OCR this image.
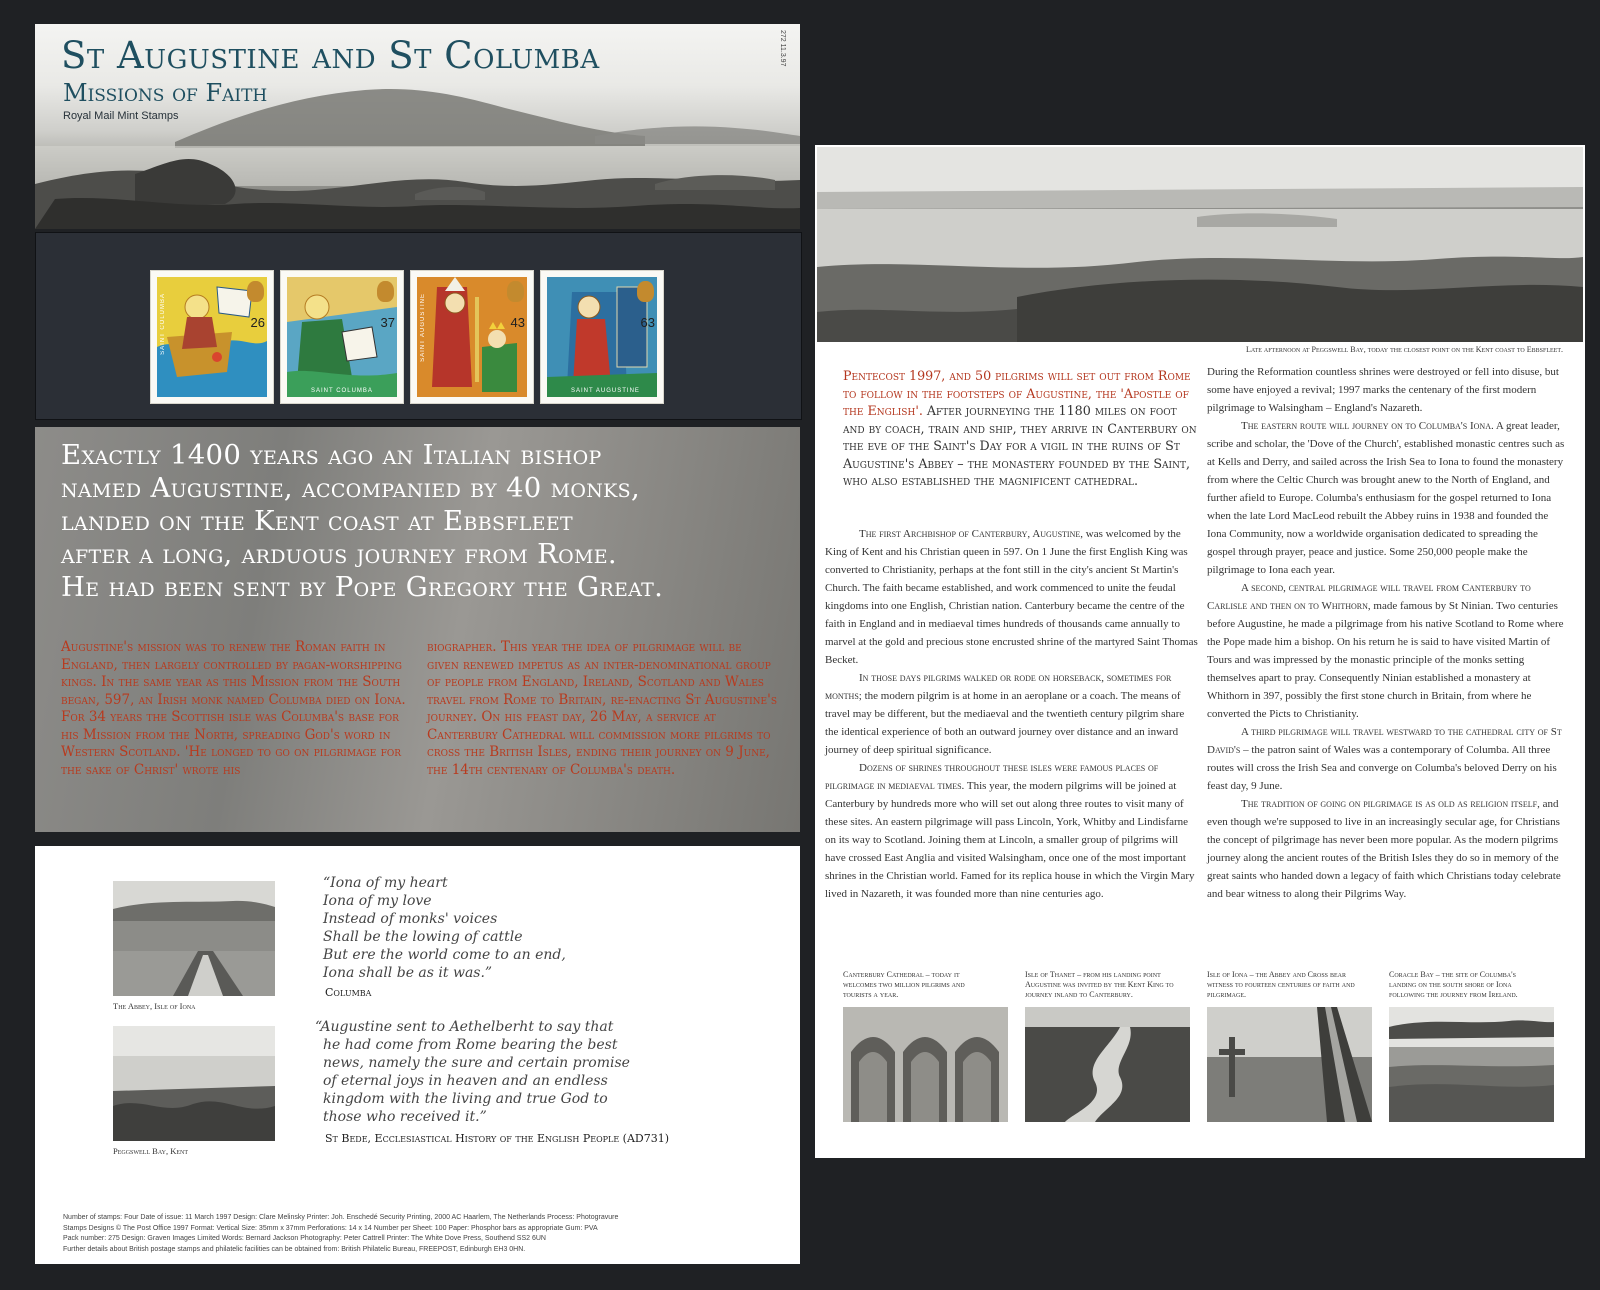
St Augustine and St Columba
Missions of Faith
Royal Mail Mint Stamps
272 11.3.97
26
SAINT COLUMBA	37
SAINT COLUMBA
43
SAINT AUGUSTINE	63
SAINT AUGUSTINE
Exactly 1400 years ago an Italian bishop
named Augustine, accompanied by 40 monks,
landed on the Kent coast at Ebbsfleet
after a long, arduous journey from Rome.
He had been sent by Pope Gregory the Great.

Augustine's mission was to renew the Roman faith in England, then largely controlled by pagan-worshipping kings. In the same year as this Mission from the South began, 597, an Irish monk named Columba died on Iona. For 34 years the Scottish isle was Columba's base for his Mission from the North, spreading God's word in Western Scotland. 'He longed to go on pilgrimage for the sake of Christ' wrote his

biographer. This year the idea of pilgrimage will be given renewed impetus as an inter-denominational group of people from England, Ireland, Scotland and Wales travel from Rome to Britain, re-enacting St Augustine's journey. On his feast day, 26 May, a service at Canterbury Cathedral will commission more pilgrims to cross the British Isles, ending their journey on 9 June, the 14th centenary of Columba's death.

The Abbey, Isle of Iona

“Iona of my heart
Iona of my love
Instead of monks' voices
Shall be the lowing of cattle
But ere the world come to an end,
Iona shall be as it was.”

Columba
Peggswell Bay, Kent

“Augustine sent to Aethelberht to say that
he had come from Rome bearing the best
news, namely the sure and certain promise
of eternal joys in heaven and an endless
kingdom with the living and true God to
those who received it.”

St Bede, Ecclesiastical History of the English People (AD731)
Number of stamps: Four Date of issue: 11 March 1997 Design: Clare Melinsky Printer: Joh. Enschedé Security Printing, 2000 AC Haarlem, The Netherlands Process: Photogravure
Stamps Designs © The Post Office 1997 Format: Vertical Size: 35mm x 37mm Perforations: 14 x 14 Number per Sheet: 100 Paper: Phosphor bars as appropriate Gum: PVA
Pack number: 275 Design: Graven Images Limited Words: Bernard Jackson Photography: Peter Cattrell Printer: The White Dove Press, Southend SS2 6UN
Further details about British postage stamps and philatelic facilities can be obtained from: British Philatelic Bureau, FREEPOST, Edinburgh EH3 0HN.
Late afternoon at Peggswell Bay, today the closest point on the Kent coast to Ebbsfleet.

Pentecost 1997, and 50 pilgrims will set out from Rome to follow in the footsteps of Augustine, the 'Apostle of the English'. After journeying the 1180 miles on foot and by coach, train and ship, they arrive in Canterbury on the eve of the Saint's Day for a vigil in the ruins of St Augustine's Abbey – the monastery founded by the Saint, who also established the magnificent cathedral.

The first Archbishop of Canterbury, Augustine, was welcomed by the King of Kent and his Christian queen in 597. On 1 June the first English King was converted to Christianity, perhaps at the font still in the city's ancient St Martin's Church. The faith became established, and work commenced to unite the feudal kingdoms into one English, Christian nation. Canterbury became the centre of the faith in England and in mediaeval times hundreds of thousands came annually to marvel at the gold and precious stone encrusted shrine of the martyred Saint Thomas Becket.

In those days pilgrims walked or rode on horseback, sometimes for months; the modern pilgrim is at home in an aeroplane or a coach. The means of travel may be different, but the mediaeval and the twentieth century pilgrim share the identical experience of both an outward journey over distance and an inward journey of deep spiritual significance.

Dozens of shrines throughout these isles were famous places of pilgrimage in mediaeval times. This year, the modern pilgrims will be joined at Canterbury by hundreds more who will set out along three routes to visit many of these sites. An eastern pilgrimage will pass Lincoln, York, Whitby and Lindisfarne on its way to Scotland. Joining them at Lincoln, a smaller group of pilgrims will have crossed East Anglia and visited Walsingham, once one of the most important shrines in the Christian world. Famed for its replica house in which the Virgin Mary lived in Nazareth, it was founded more than nine centuries ago.

During the Reformation countless shrines were destroyed or fell into disuse, but some have enjoyed a revival; 1997 marks the centenary of the first modern pilgrimage to Walsingham – England's Nazareth.

The eastern route will journey on to Columba's Iona. A great leader, scribe and scholar, the 'Dove of the Church', established monastic centres such as at Kells and Derry, and sailed across the Irish Sea to Iona to found the monastery from where the Celtic Church was brought anew to the North of England, and further afield to Europe. Columba's enthusiasm for the gospel returned to Iona when the late Lord MacLeod rebuilt the Abbey ruins in 1938 and founded the Iona Community, now a worldwide organisation dedicated to spreading the gospel through prayer, peace and justice. Some 250,000 people make the pilgrimage to Iona each year.

A second, central pilgrimage will travel from Canterbury to Carlisle and then on to Whithorn, made famous by St Ninian. Two centuries before Augustine, he made a pilgrimage from his native Scotland to Rome where the Pope made him a bishop. On his return he is said to have visited Martin of Tours and was impressed by the monastic principle of the monks setting themselves apart to pray. Consequently Ninian established a monastery at Whithorn in 397, possibly the first stone church in Britain, from where he converted the Picts to Christianity.

A third pilgrimage will travel westward to the cathedral city of St David's – the patron saint of Wales was a contemporary of Columba. All three routes will cross the Irish Sea and converge on Columba's beloved Derry on his feast day, 9 June.

The tradition of going on pilgrimage is as old as religion itself, and even though we're supposed to live in an increasingly secular age, for Christians the concept of pilgrimage has never been more popular. As the modern pilgrims journey along the ancient routes of the British Isles they do so in memory of the great saints who handed down a legacy of faith which Christians today celebrate and bear witness to along their Pilgrims Way.

Canterbury Cathedral – today it welcomes two million pilgrims and tourists a year.
Isle of Thanet – from his landing point Augustine was invited by the Kent King to journey inland to Canterbury.
Isle of Iona – the Abbey and Cross bear witness to fourteen centuries of faith and pilgrimage.
Coracle Bay – the site of Columba's landing on the south shore of Iona following the journey from Ireland.
